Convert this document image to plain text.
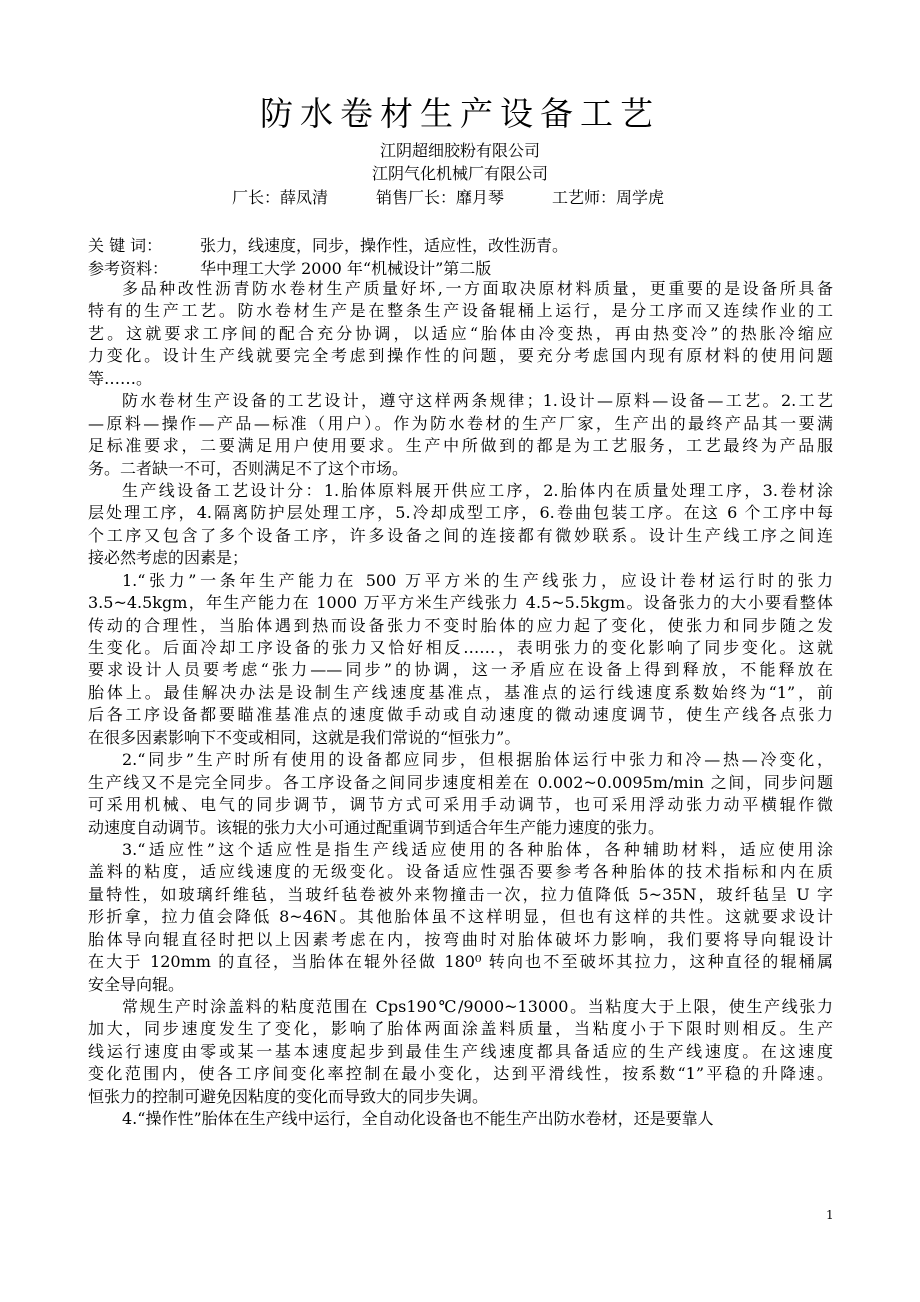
防水卷材生产设备工艺
江阴超细胶粉有限公司
江阴气化机械厂有限公司
厂长：薛凤清	销售厂长：靡月琴	工艺师：周学虎
关 键 词： 张力，线速度，同步，操作性，适应性，改性沥青。
参考资料： 华中理工大学 2000 年“机械设计”第二版
多品种改性沥青防水卷材生产质量好坏,一方面取决原材料质量，更重要的是设备所具备
特有的生产工艺。防水卷材生产是在整条生产设备辊桶上运行，是分工序而又连续作业的工
艺。这就要求工序间的配合充分协调，以适应“胎体由冷变热，再由热变冷”的热胀冷缩应
力变化。设计生产线就要完全考虑到操作性的问题，要充分考虑国内现有原材料的使用问题
等……。
防水卷材生产设备的工艺设计，遵守这样两条规律；1.设计—原料—设备—工艺。2.工艺
—原料—操作—产品—标准（用户）。作为防水卷材的生产厂家，生产出的最终产品其一要满
足标准要求，二要满足用户使用要求。生产中所做到的都是为工艺服务，工艺最终为产品服
务。二者缺一不可，否则满足不了这个市场。
生产线设备工艺设计分：1.胎体原料展开供应工序，2.胎体内在质量处理工序，3.卷材涂
层处理工序，4.隔离防护层处理工序，5.冷却成型工序，6.卷曲包装工序。在这 6 个工序中每
个工序又包含了多个设备工序，许多设备之间的连接都有微妙联系。设计生产线工序之间连
接必然考虑的因素是；
1.“张力”一条年生产能力在 500 万平方米的生产线张力，应设计卷材运行时的张力
3.5~4.5kgm，年生产能力在 1000 万平方米生产线张力 4.5~5.5kgm。设备张力的大小要看整体
传动的合理性，当胎体遇到热而设备张力不变时胎体的应力起了变化，使张力和同步随之发
生变化。后面冷却工序设备的张力又恰好相反……，表明张力的变化影响了同步变化。这就
要求设计人员要考虑“张力——同步”的协调，这一矛盾应在设备上得到释放，不能释放在
胎体上。最佳解决办法是设制生产线速度基准点，基准点的运行线速度系数始终为“1”，前
后各工序设备都要瞄准基准点的速度做手动或自动速度的微动速度调节，使生产线各点张力
在很多因素影响下不变或相同，这就是我们常说的“恒张力”。
2.“同步”生产时所有使用的设备都应同步，但根据胎体运行中张力和冷—热—冷变化，
生产线又不是完全同步。各工序设备之间同步速度相差在 0.002~0.0095m/min 之间，同步问题
可采用机械、电气的同步调节，调节方式可采用手动调节，也可采用浮动张力动平横辊作微
动速度自动调节。该辊的张力大小可通过配重调节到适合年生产能力速度的张力。
3.“适应性”这个适应性是指生产线适应使用的各种胎体，各种辅助材料，适应使用涂
盖料的粘度，适应线速度的无级变化。设备适应性强否要参考各种胎体的技术指标和内在质
量特性，如玻璃纤维毡，当玻纤毡卷被外来物撞击一次，拉力值降低 5~35N，玻纤毡呈 U 字
形折拿，拉力值会降低 8~46N。其他胎体虽不这样明显，但也有这样的共性。这就要求设计
胎体导向辊直径时把以上因素考虑在内，按弯曲时对胎体破坏力影响，我们要将导向辊设计
在大于 120mm 的直径，当胎体在辊外径做 180⁰ 转向也不至破坏其拉力，这种直径的辊桶属
安全导向辊。
常规生产时涂盖料的粘度范围在 Cps190℃/9000~13000。当粘度大于上限，使生产线张力
加大，同步速度发生了变化，影响了胎体两面涂盖料质量，当粘度小于下限时则相反。生产
线运行速度由零或某一基本速度起步到最佳生产线速度都具备适应的生产线速度。在这速度
变化范围内，使各工序间变化率控制在最小变化，达到平滑线性，按系数“1”平稳的升降速。
恒张力的控制可避免因粘度的变化而导致大的同步失调。
4.“操作性”胎体在生产线中运行，全自动化设备也不能生产出防水卷材，还是要靠人
1
